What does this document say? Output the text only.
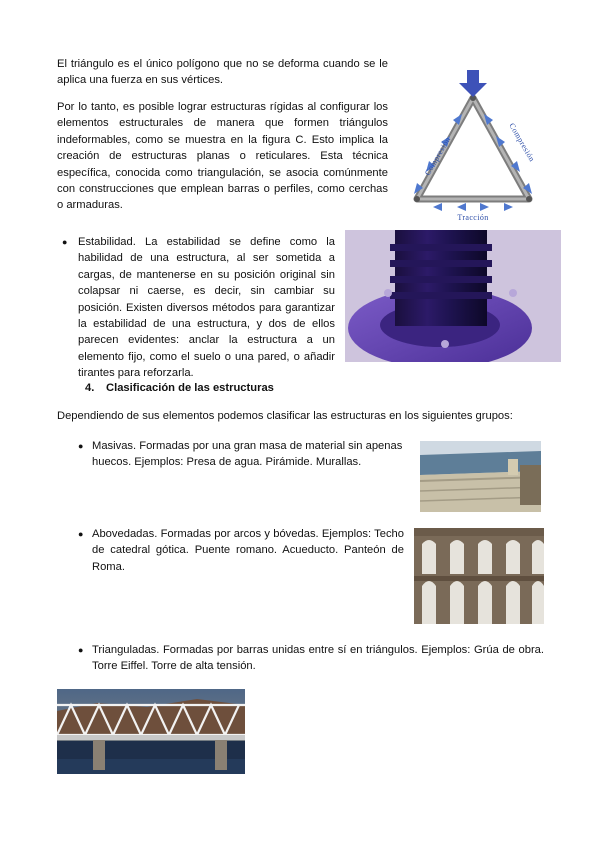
El triángulo es el único polígono que no se deforma cuando se le aplica una fuerza en sus vértices.
Por lo tanto, es posible lograr estructuras rígidas al configurar los elementos estructurales de manera que formen triángulos indeformables, como se muestra en la figura C. Esto implica la creación de estructuras planas o reticulares. Esta técnica específica, conocida como triangulación, se asocia comúnmente con construcciones que emplean barras o perfiles, como cerchas o armaduras.
Compresión	Compresión
Tracción
● Estabilidad. La estabilidad se define como la habilidad de una estructura, al ser sometida a cargas, de mantenerse en su posición original sin colapsar ni caerse, es decir, sin cambiar su posición. Existen diversos métodos para garantizar la estabilidad de una estructura, y dos de ellos parecen evidentes: anclar la estructura a un elemento fijo, como el suelo o una pared, o añadir tirantes para reforzarla.
4. Clasificación de las estructuras
Dependiendo de sus elementos podemos clasificar las estructuras en los siguientes grupos:
● Masivas. Formadas por una gran masa de material sin apenas huecos. Ejemplos: Presa de agua. Pirámide. Murallas.
● Abovedadas. Formadas por arcos y bóvedas. Ejemplos: Techo de catedral gótica. Puente romano. Acueducto. Panteón de Roma.
● Trianguladas. Formadas por barras unidas entre sí en triángulos. Ejemplos: Grúa de obra. Torre Eiffel. Torre de alta tensión.
